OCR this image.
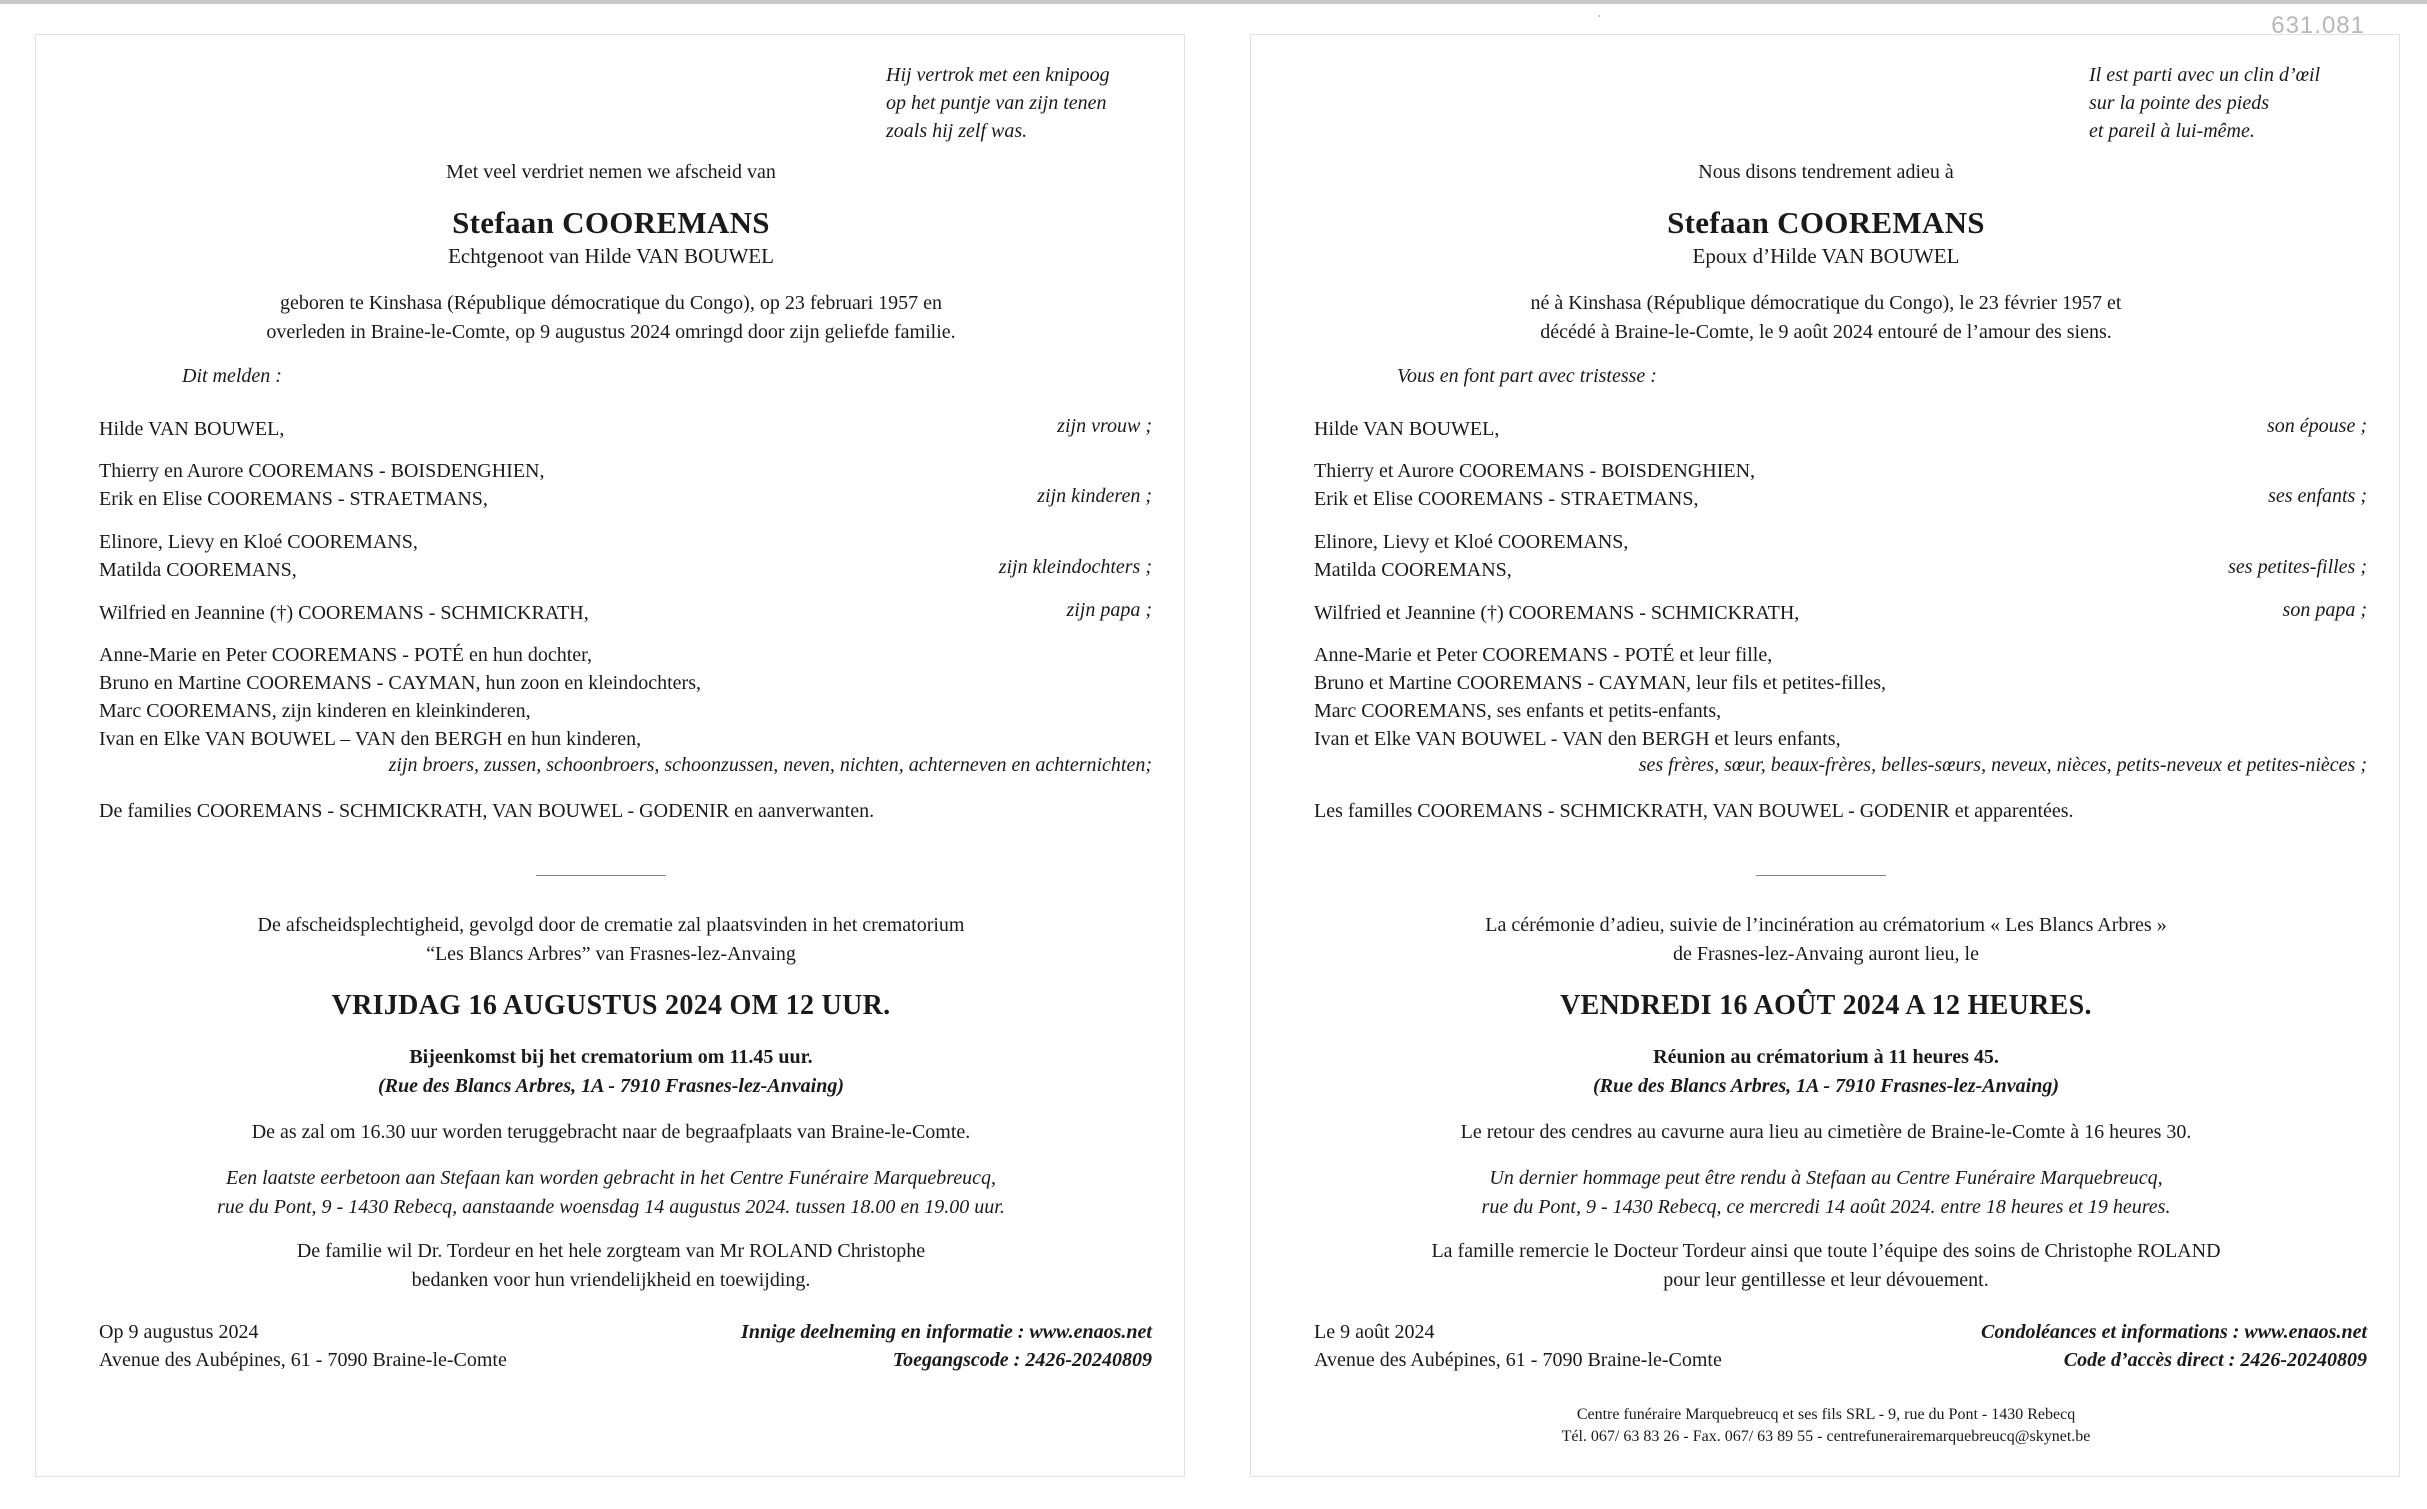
631.081
Hij vertrok met een knipoog
op het puntje van zijn tenen
zoals hij zelf was.
Met veel verdriet nemen we afscheid van
Stefaan COOREMANS
Echtgenoot van Hilde VAN BOUWEL
geboren te Kinshasa (République démocratique du Congo), op 23 februari 1957 en
overleden in Braine-le-Comte, op 9 augustus 2024 omringd door zijn geliefde familie.
Dit melden :
Hilde VAN BOUWEL,	zijn vrouw ;
Thierry en Aurore COOREMANS - BOISDENGHIEN,
Erik en Elise COOREMANS - STRAETMANS,	zijn kinderen ;
Elinore, Lievy en Kloé COOREMANS,
Matilda COOREMANS,	zijn kleindochters ;
Wilfried en Jeannine (†) COOREMANS - SCHMICKRATH,	zijn papa ;
Anne-Marie en Peter COOREMANS - POTÉ en hun dochter,
Bruno en Martine COOREMANS - CAYMAN, hun zoon en kleindochters,
Marc COOREMANS, zijn kinderen en kleinkinderen,
Ivan en Elke VAN BOUWEL – VAN den BERGH en hun kinderen,
zijn broers, zussen, schoonbroers, schoonzussen, neven, nichten, achterneven en achternichten;
De families COOREMANS - SCHMICKRATH, VAN BOUWEL - GODENIR en aanverwanten.
De afscheidsplechtigheid, gevolgd door de crematie zal plaatsvinden in het crematorium
“Les Blancs Arbres” van Frasnes-lez-Anvaing
VRIJDAG 16 AUGUSTUS 2024 OM 12 UUR.
Bijeenkomst bij het crematorium om 11.45 uur.
(Rue des Blancs Arbres, 1A - 7910 Frasnes-lez-Anvaing)
De as zal om 16.30 uur worden teruggebracht naar de begraafplaats van Braine-le-Comte.
Een laatste eerbetoon aan Stefaan kan worden gebracht in het Centre Funéraire Marquebreucq,
rue du Pont, 9 - 1430 Rebecq, aanstaande woensdag 14 augustus 2024. tussen 18.00 en 19.00 uur.
De familie wil Dr. Tordeur en het hele zorgteam van Mr ROLAND Christophe
bedanken voor hun vriendelijkheid en toewijding.
Op 9 augustus 2024
Avenue des Aubépines, 61 - 7090 Braine-le-Comte
Innige deelneming en informatie : www.enaos.net
Toegangscode : 2426-20240809
Il est parti avec un clin d’œil
sur la pointe des pieds
et pareil à lui-même.
Nous disons tendrement adieu à
Stefaan COOREMANS
Epoux d’Hilde VAN BOUWEL
né à Kinshasa (République démocratique du Congo), le 23 février 1957 et
décédé à Braine-le-Comte, le 9 août 2024 entouré de l’amour des siens.
Vous en font part avec tristesse :
Hilde VAN BOUWEL,	son épouse ;
Thierry et Aurore COOREMANS - BOISDENGHIEN,
Erik et Elise COOREMANS - STRAETMANS,	ses enfants ;
Elinore, Lievy et Kloé COOREMANS,
Matilda COOREMANS,	ses petites-filles ;
Wilfried et Jeannine (†) COOREMANS - SCHMICKRATH,	son papa ;
Anne-Marie et Peter COOREMANS - POTÉ et leur fille,
Bruno et Martine COOREMANS - CAYMAN, leur fils et petites-filles,
Marc COOREMANS, ses enfants et petits-enfants,
Ivan et Elke VAN BOUWEL - VAN den BERGH et leurs enfants,
ses frères, sœur, beaux-frères, belles-sœurs, neveux, nièces, petits-neveux et petites-nièces ;
Les familles COOREMANS - SCHMICKRATH, VAN BOUWEL - GODENIR et apparentées.
La cérémonie d’adieu, suivie de l’incinération au crématorium « Les Blancs Arbres »
de Frasnes-lez-Anvaing auront lieu, le
VENDREDI 16 AOÛT 2024 A 12 HEURES.
Réunion au crématorium à 11 heures 45.
(Rue des Blancs Arbres, 1A - 7910 Frasnes-lez-Anvaing)
Le retour des cendres au cavurne aura lieu au cimetière de Braine-le-Comte à 16 heures 30.
Un dernier hommage peut être rendu à Stefaan au Centre Funéraire Marquebreucq,
rue du Pont, 9 - 1430 Rebecq, ce mercredi 14 août 2024. entre 18 heures et 19 heures.
La famille remercie le Docteur Tordeur ainsi que toute l’équipe des soins de Christophe ROLAND
pour leur gentillesse et leur dévouement.
Le 9 août 2024
Avenue des Aubépines, 61 - 7090 Braine-le-Comte
Condoléances et informations : www.enaos.net
Code d’accès direct : 2426-20240809
Centre funéraire Marquebreucq et ses fils SRL - 9, rue du Pont - 1430 Rebecq
Tél. 067/ 63 83 26 - Fax. 067/ 63 89 55 - centrefunerairemarquebreucq@skynet.be
